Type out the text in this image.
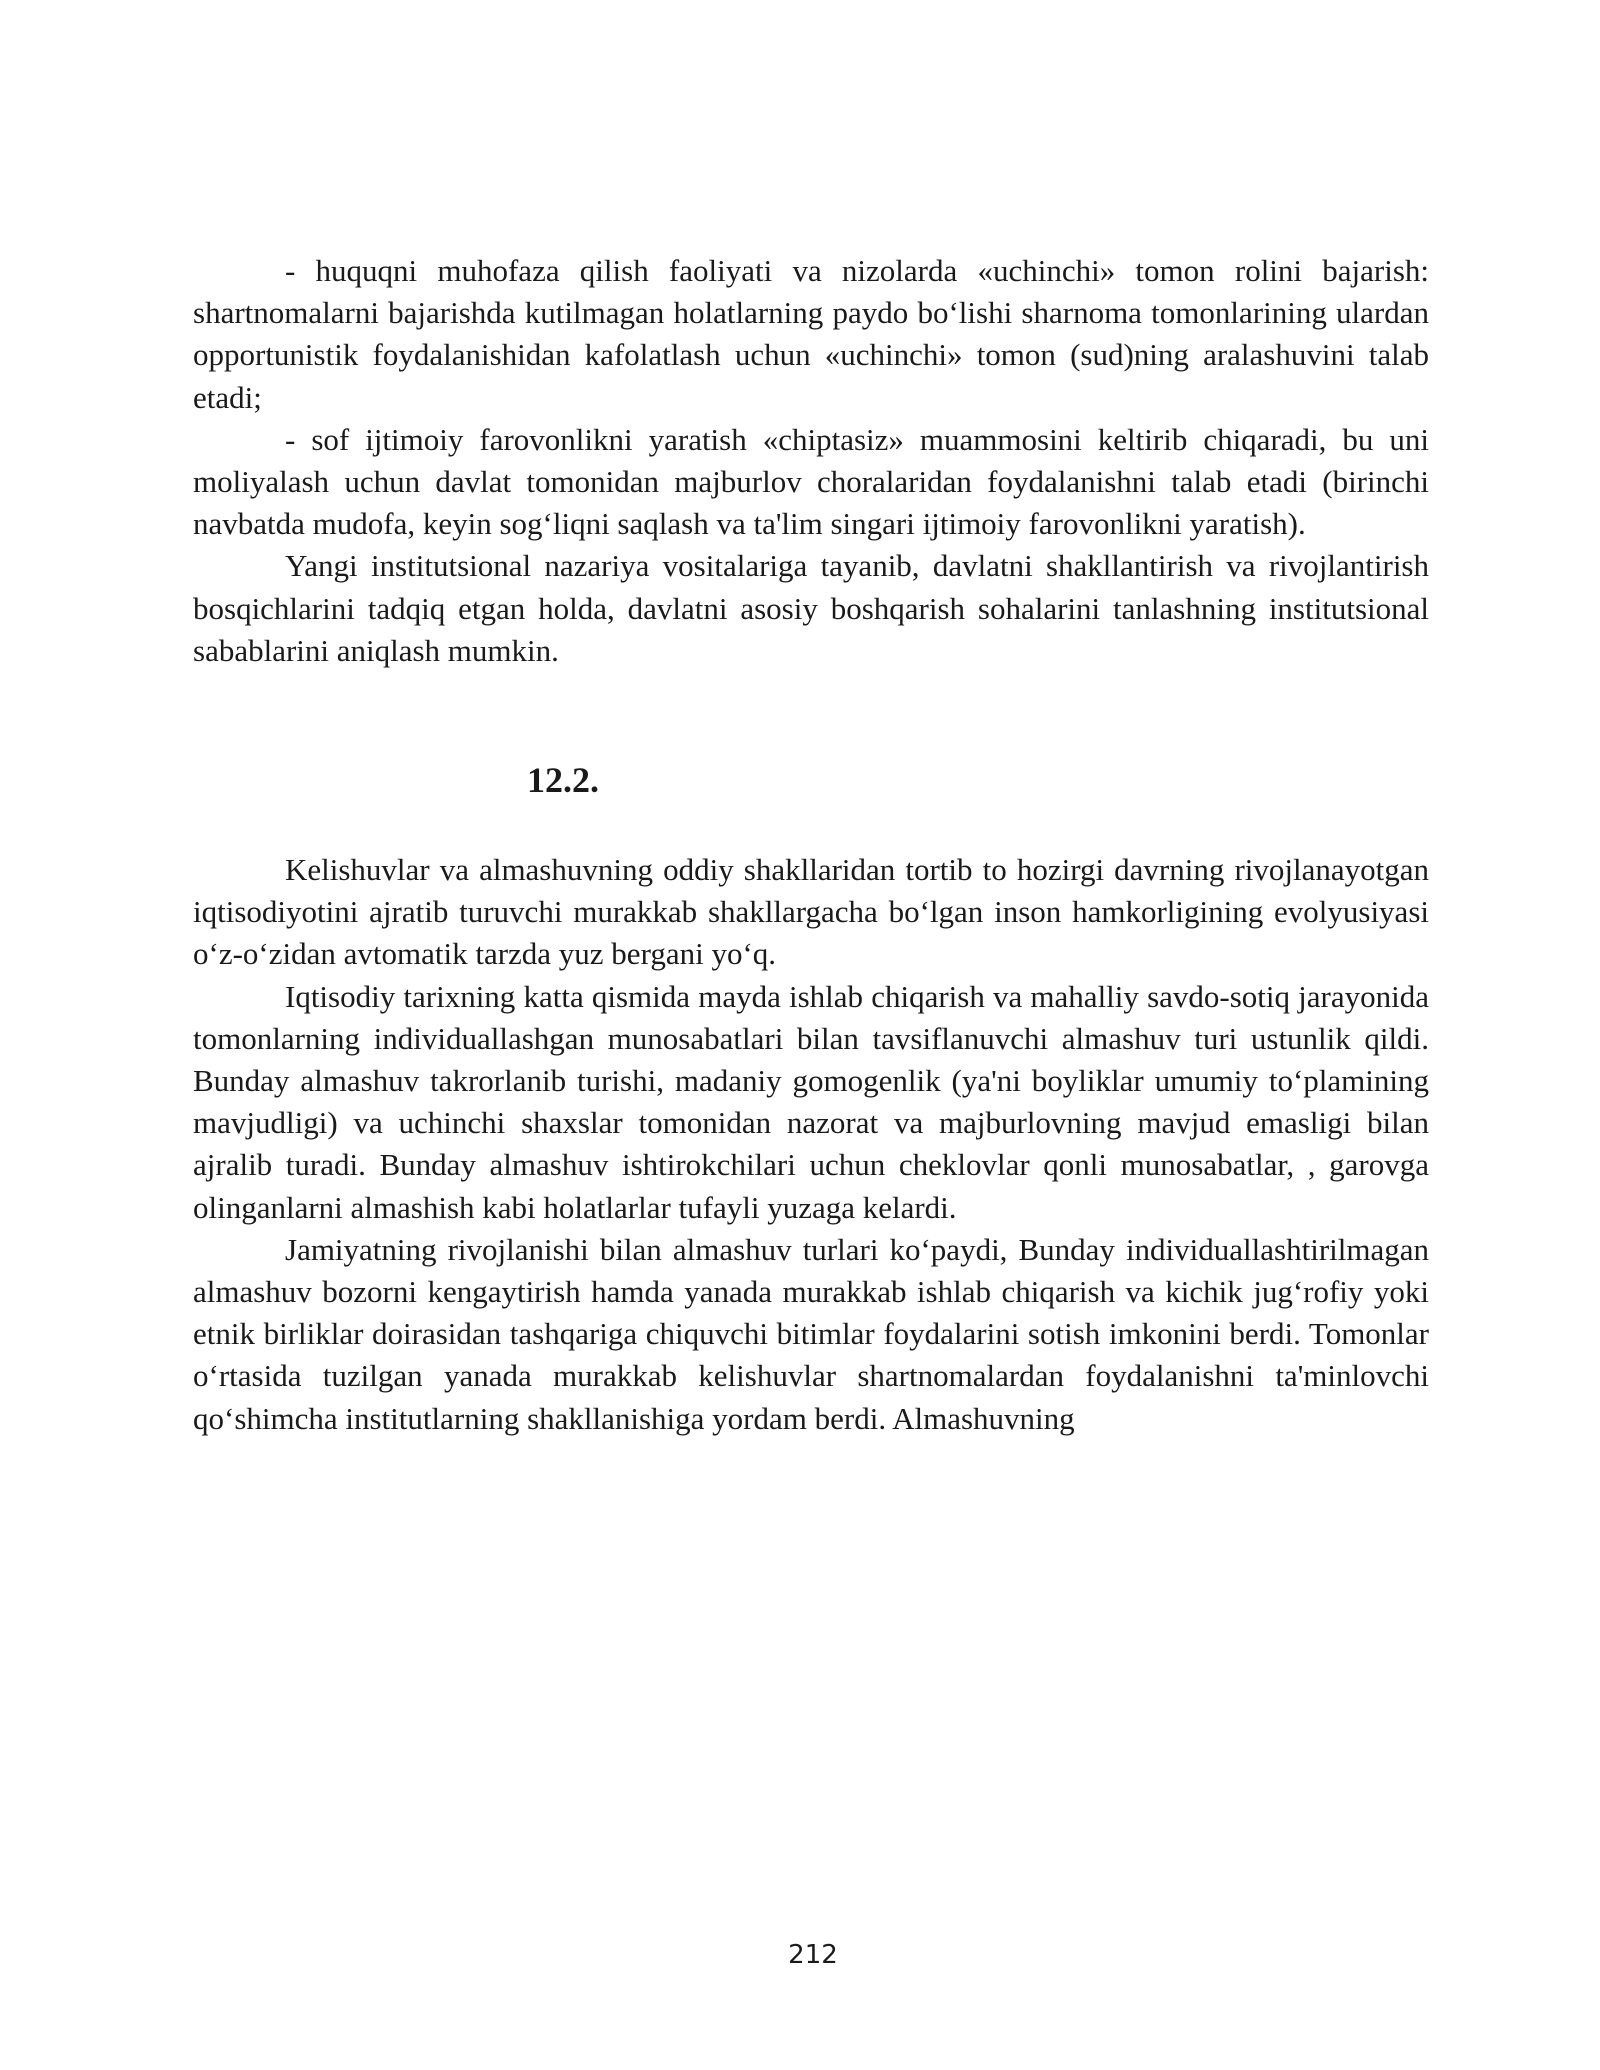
- huquqni muhofaza qilish faoliyati va nizolarda «uchinchi» tomon rolini bajarish: shartnomalarni bajarishda kutilmagan holatlarning paydo boʻlishi sharnoma tomonlarining ulardan opportunistik foydalanishidan kafolatlash uchun «uchinchi» tomon (sud)ning aralashuvini talab etadi;

- sof ijtimoiy farovonlikni yaratish «chiptasiz» muammosini keltirib chiqaradi, bu uni moliyalash uchun davlat tomonidan majburlov choralaridan foydalanishni talab etadi (birinchi navbatda mudofa, keyin sogʻliqni saqlash va ta'lim singari ijtimoiy farovonlikni yaratish).

Yangi institutsional nazariya vositalariga tayanib, davlatni shakllantirish va rivojlantirish bosqichlarini tadqiq etgan holda, davlatni asosiy boshqarish sohalarini tanlashning institutsional sabablarini aniqlash mumkin.

12.2.

Kelishuvlar va almashuvning oddiy shakllaridan tortib to hozirgi davrning rivojlanayotgan iqtisodiyotini ajratib turuvchi murakkab shakllargacha boʻlgan inson hamkorligining evolyusiyasi oʻz-oʻzidan avtomatik tarzda yuz bergani yoʻq.

Iqtisodiy tarixning katta qismida mayda ishlab chiqarish va mahalliy savdo-sotiq jarayonida tomonlarning individuallashgan munosabatlari bilan tavsiflanuvchi almashuv turi ustunlik qildi. Bunday almashuv takrorlanib turishi, madaniy gomogenlik (ya'ni boyliklar umumiy toʻplamining mavjudligi) va uchinchi shaxslar tomonidan nazorat va majburlovning mavjud emasligi bilan ajralib turadi. Bunday almashuv ishtirokchilari uchun cheklovlar qonli munosabatlar, , garovga olinganlarni almashish kabi holatlarlar tufayli yuzaga kelardi.

Jamiyatning rivojlanishi bilan almashuv turlari koʻpaydi, Bunday individuallashtirilmagan almashuv bozorni kengaytirish hamda yanada murakkab ishlab chiqarish va kichik jugʻrofiy yoki etnik birliklar doirasidan tashqariga chiquvchi bitimlar foydalarini sotish imkonini berdi. Tomonlar oʻrtasida tuzilgan yanada murakkab kelishuvlar shartnomalardan foydalanishni ta'minlovchi qoʻshimcha institutlarning shakllanishiga yordam berdi. Almashuvning

212
